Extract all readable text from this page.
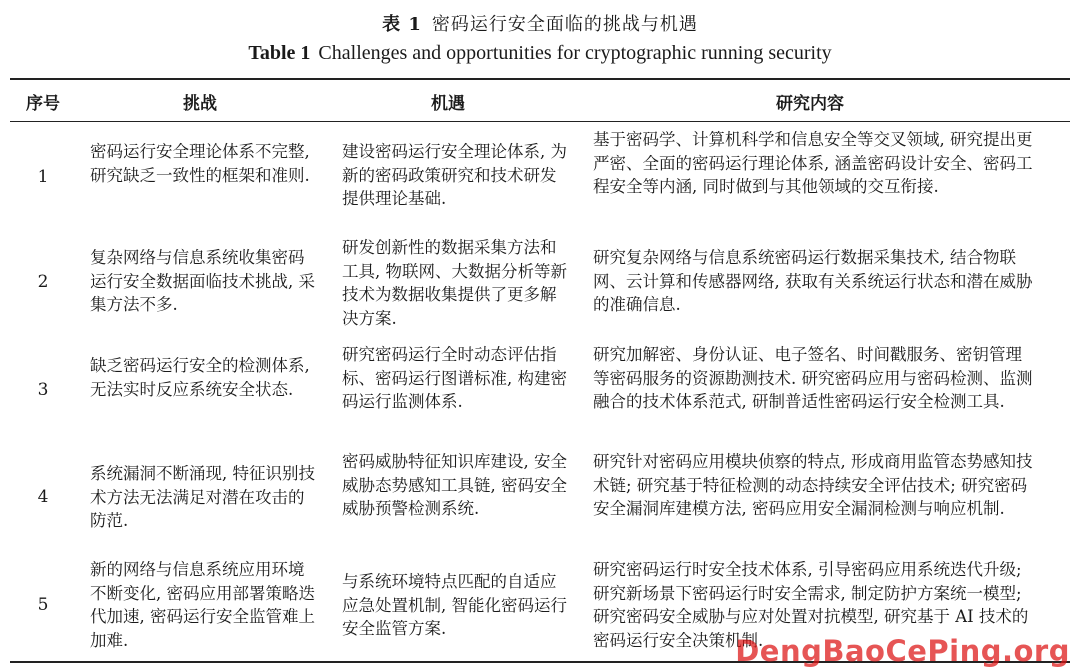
表 1 密码运行安全面临的挑战与机遇
Table 1 Challenges and opportunities for cryptographic running security
序号	挑战	机遇	研究内容
1
密码运行安全理论体系不完整, 研究缺乏一致性的框架和准则.
建设密码运行安全理论体系, 为新的密码政策研究和技术研发提供理论基础.
基于密码学、计算机科学和信息安全等交叉领域, 研究提出更严密、全面的密码运行理论体系, 涵盖密码设计安全、密码工程安全等内涵, 同时做到与其他领域的交互衔接.
2
复杂网络与信息系统收集密码运行安全数据面临技术挑战, 采集方法不多.
研发创新性的数据采集方法和工具, 物联网、大数据分析等新技术为数据收集提供了更多解决方案.
研究复杂网络与信息系统密码运行数据采集技术, 结合物联网、云计算和传感器网络, 获取有关系统运行状态和潜在威胁的准确信息.
3
缺乏密码运行安全的检测体系, 无法实时反应系统安全状态.
研究密码运行全时动态评估指标、密码运行图谱标准, 构建密码运行监测体系.
研究加解密、身份认证、电子签名、时间戳服务、密钥管理等密码服务的资源勘测技术. 研究密码应用与密码检测、监测融合的技术体系范式, 研制普适性密码运行安全检测工具.
4
系统漏洞不断涌现, 特征识别技术方法无法满足对潜在攻击的防范.
密码威胁特征知识库建设, 安全威胁态势感知工具链, 密码安全威胁预警检测系统.
研究针对密码应用模块侦察的特点, 形成商用监管态势感知技术链; 研究基于特征检测的动态持续安全评估技术; 研究密码安全漏洞库建模方法, 密码应用安全漏洞检测与响应机制.
5
新的网络与信息系统应用环境不断变化, 密码应用部署策略迭代加速, 密码运行安全监管难上加难.
与系统环境特点匹配的自适应应急处置机制, 智能化密码运行安全监管方案.
研究密码运行时安全技术体系, 引导密码应用系统迭代升级; 研究新场景下密码运行时安全需求, 制定防护方案统一模型; 研究密码安全威胁与应对处置对抗模型, 研究基于 AI 技术的密码运行安全决策机制.
DengBaoCePing.org
